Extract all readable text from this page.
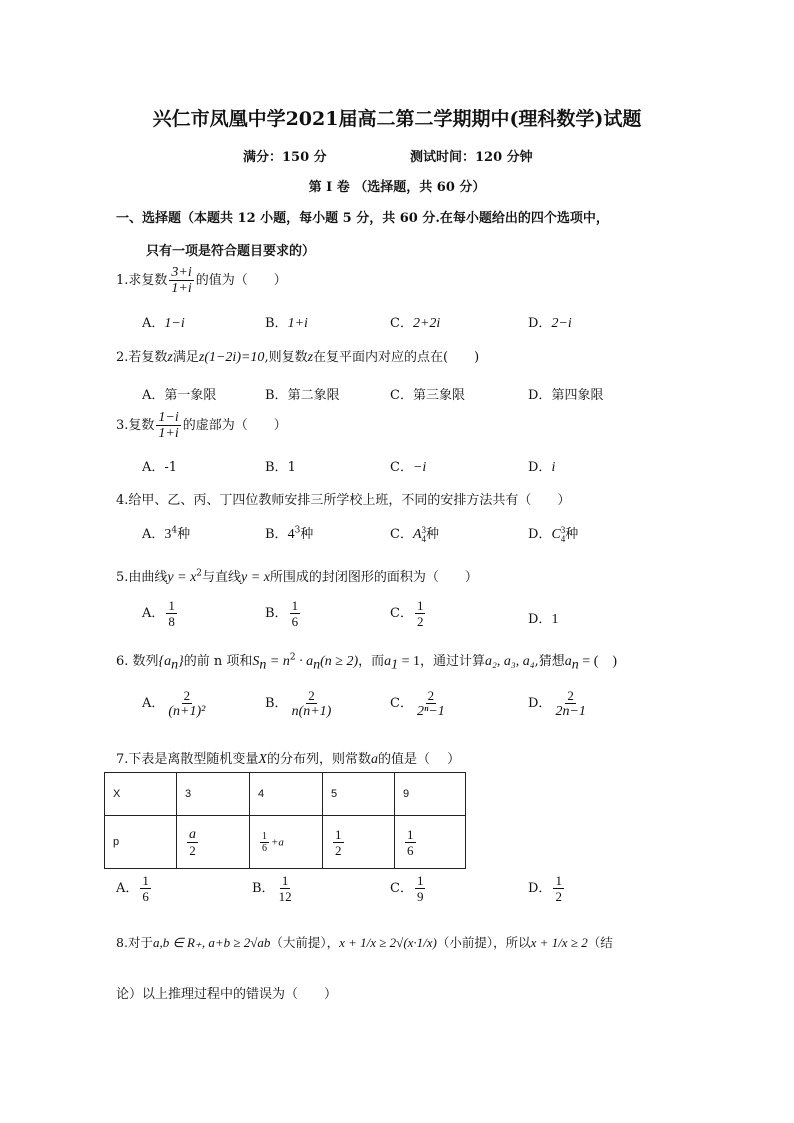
兴仁市凤凰中学2021届高二第二学期期中(理科数学)试题
满分：150 分	测试时间：120 分钟
第 I 卷 （选择题，共 60 分）
一、选择题（本题共 12 小题，每小题 5 分，共 60 分.在每小题给出的四个选项中，
只有一项是符合题目要求的）
1.求复数 $\frac{3+i}{1+i}$ 的值为（　　）
A．1−i	B．1+i	C．2+2i	D．2−i
2.若复数z满足z(1−2i)=10,则复数z在复平面内对应的点在(　　)
A．第一象限	B．第二象限	C．第三象限	D．第四象限
3.复数 $\frac{1-i}{1+i}$ 的虚部为（　　）
A．-1	B．1	C．−i	D．i
4.给甲、乙、丙、丁四位教师安排三所学校上班，不同的安排方法共有（　　）
A．$3^4$种	B．$4^3$种	C．A 3
4 种	D．C 3
4 种
5.由曲线$y = x^2$与直线y = x所围成的封闭图形的面积为（　　）
A． $\frac{1}{8}$	B． $\frac{1}{6}$	C． $\frac{1}{2}$	D．1
6. 数列$\{a_n\}$的前 n 项和$S_n = n^2 \cdot a_n(n \ge 2)$，而$a_1 = 1$，通过计算a₂, a₃, a₄,猜想$a_n$ = (　)
A． $\frac{2}{\text{(n+1)²}}$	B． $\frac{2}{n(n+1)}$	C． $\frac{2}{\text{2ⁿ−1}}$	D． $\frac{2}{2n-1}$
7.下表是离散型随机变量X的分布列，则常数a的值是（　 ）
X	3	4	5	9
p	$\frac{a}{2}$	$\frac{1}{6} +a$	$\frac{1}{2}$	$\frac{1}{6}$
A． $\frac{1}{6}$	B． $\frac{1}{12}$	C． $\frac{1}{9}$	D． $\frac{1}{2}$
8.对于a,b ∈ R₊, a+b ≥ 2√ab（大前提），x + 1/x ≥ 2√(x·1/x)（小前提），所以x + 1/x ≥ 2（结
论）以上推理过程中的错误为（　　）
